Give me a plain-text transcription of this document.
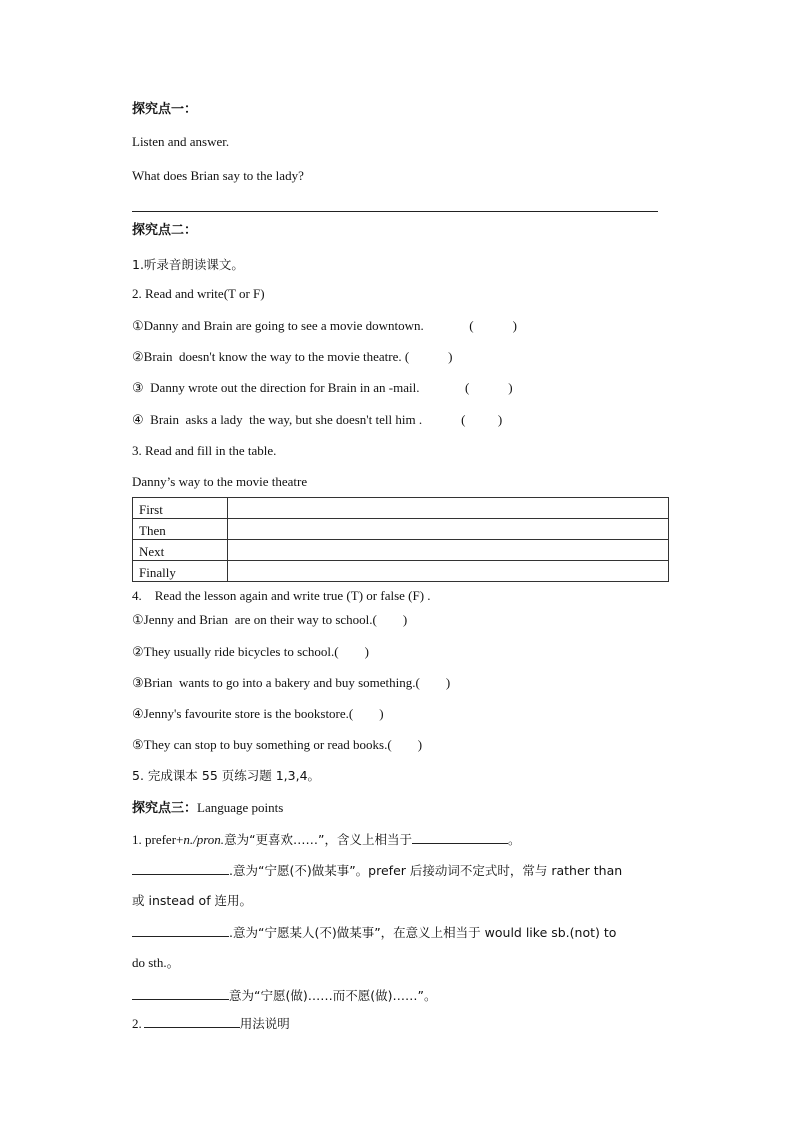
探究点一：
Listen and answer.
What does Brian say to the lady?
探究点二：
1.听录音朗读课文。
2. Read and write(T or F)
①Danny and Brain are going to see a movie downtown.              (            )
②Brain  doesn't know the way to the movie theatre. (            )
③  Danny wrote out the direction for Brain in an -mail.              (            )
④  Brain  asks a lady  the way, but she doesn't tell him .            (          )
3. Read and fill in the table.
Danny’s way to the movie theatre
First	
Then	
Next	
Finally	
4.    Read the lesson again and write true (T) or false (F) .
①Jenny and Brian  are on their way to school.(        )
②They usually ride bicycles to school.(        )
③Brian  wants to go into a bakery and buy something.(        )
④Jenny's favourite store is the bookstore.(        )
⑤They can stop to buy something or read books.(        )
5. 完成课本 55 页练习题 1,3,4。
探究点三：Language points
1. prefer+n./pron.意为“更喜欢……”，含义上相当于	。
.意为“宁愿(不)做某事”。prefer 后接动词不定式时，常与 rather than
或 instead of 连用。
.意为“宁愿某人(不)做某事”，在意义上相当于 would like sb.(not) to
do sth.。
意为“宁愿(做)……而不愿(做)……”。
2.	用法说明
